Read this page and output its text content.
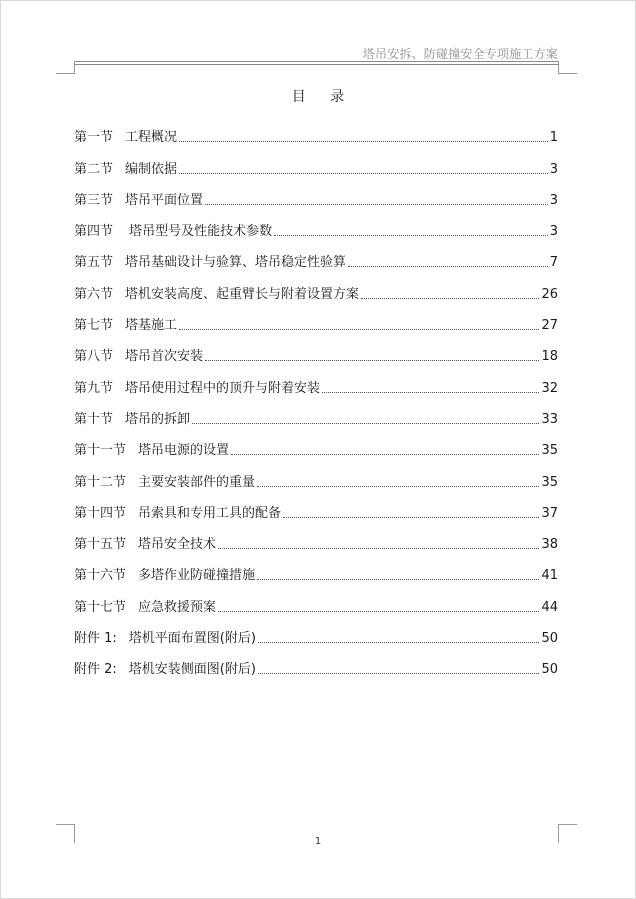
塔吊安拆、防碰撞安全专项施工方案
目 录
第一节 工程概况	1
第二节 编制依据	3
第三节 塔吊平面位置	3
第四节 塔吊型号及性能技术参数	3
第五节 塔吊基础设计与验算、塔吊稳定性验算	7
第六节 塔机安装高度、起重臂长与附着设置方案	26
第七节 塔基施工	27
第八节 塔吊首次安装	18
第九节 塔吊使用过程中的顶升与附着安装	32
第十节 塔吊的拆卸	33
第十一节 塔吊电源的设置	35
第十二节 主要安装部件的重量	35
第十四节 吊索具和专用工具的配备	37
第十五节 塔吊安全技术	38
第十六节 多塔作业防碰撞措施	41
第十七节 应急救援预案	44
附件 1: 塔机平面布置图(附后)	50
附件 2: 塔机安装侧面图(附后)	50
1
